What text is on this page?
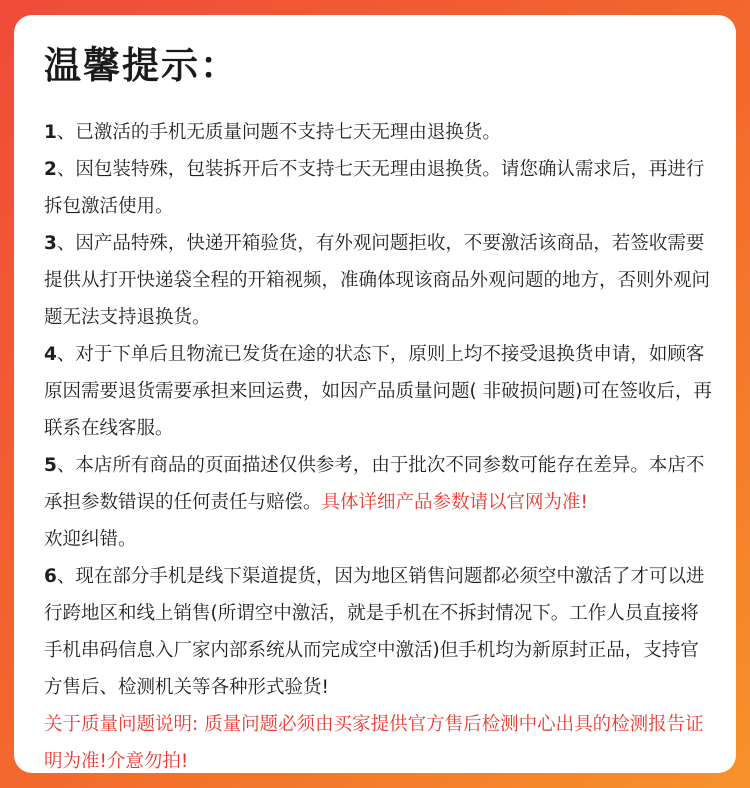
温馨提示：

1、已激活的手机无质量问题不支持七天无理由退换货。

2、因包装特殊，包装拆开后不支持七天无理由退换货。请您确认需求后，再进行拆包激活使用。

3、因产品特殊，快递开箱验货，有外观问题拒收，不要激活该商品，若签收需要提供从打开快递袋全程的开箱视频，准确体现该商品外观问题的地方，否则外观问题无法支持退换货。

4、对于下单后且物流已发货在途的状态下，原则上均不接受退换货申请，如顾客原因需要退货需要承担来回运费，如因产品质量问题( 非破损问题)可在签收后，再联系在线客服。

5、本店所有商品的页面描述仅供参考，由于批次不同参数可能存在差异。本店不承担参数错误的任何责任与赔偿。具体详细产品参数请以官网为准!
欢迎纠错。

6、现在部分手机是线下渠道提货，因为地区销售问题都必须空中激活了才可以进行跨地区和线上销售(所谓空中激活，就是手机在不拆封情况下。工作人员直接将手机串码信息入厂家内部系统从而完成空中激活)但手机均为新原封正品，支持官方售后、检测机关等各种形式验货!

关于质量问题说明: 质量问题必须由买家提供官方售后检测中心出具的检测报告证明为准!介意勿拍!
